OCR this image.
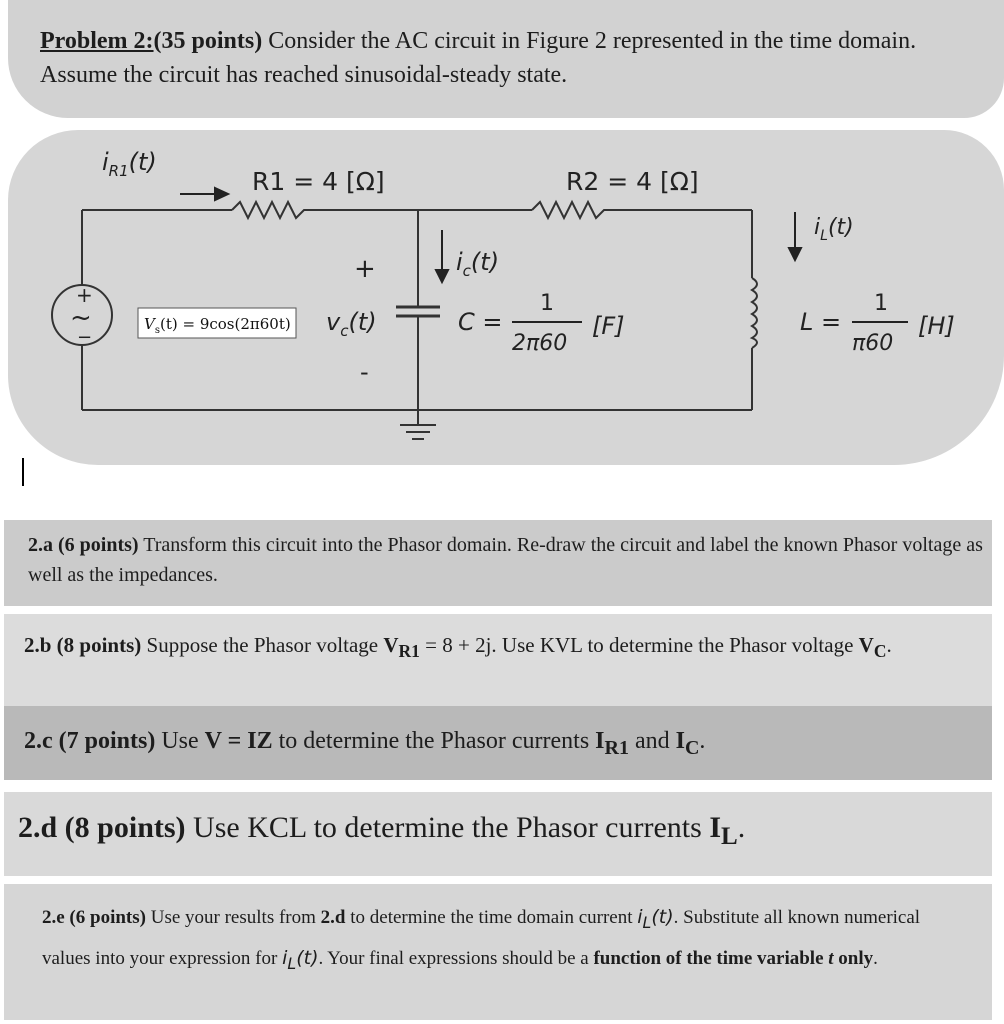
Problem 2:(35 points) Consider the AC circuit in Figure 2 represented in the time domain.
Assume the circuit has reached sinusoidal-steady state.
+
~
−
$i_{R1}(t)$
R1 = 4 [Ω]	R2 = 4 [Ω]
+
-
$i_c(t)$
$i_L(t)$
$v_c(t)$
$V_s(t) = 9\cos(2\pi 60t)$	C =
1
2π60
[F]	L =
1
π60
[H]
2.a (6 points) Transform this circuit into the Phasor domain. Re-draw the circuit and label the known Phasor voltage as well as the impedances.
2.b (8 points) Suppose the Phasor voltage $V_{R1} = 8 + 2j$. Use KVL to determine the Phasor voltage $V_C$.
2.c (7 points) Use V = IZ to determine the Phasor currents $I_{R1}$ and $I_C$.
2.d (8 points) Use KCL to determine the Phasor currents $I_L$.
2.e (6 points) Use your results from 2.d to determine the time domain current $i_L(t)$. Substitute all known numerical values into your expression for $i_L(t)$. Your final expressions should be a function of the time variable t only.
